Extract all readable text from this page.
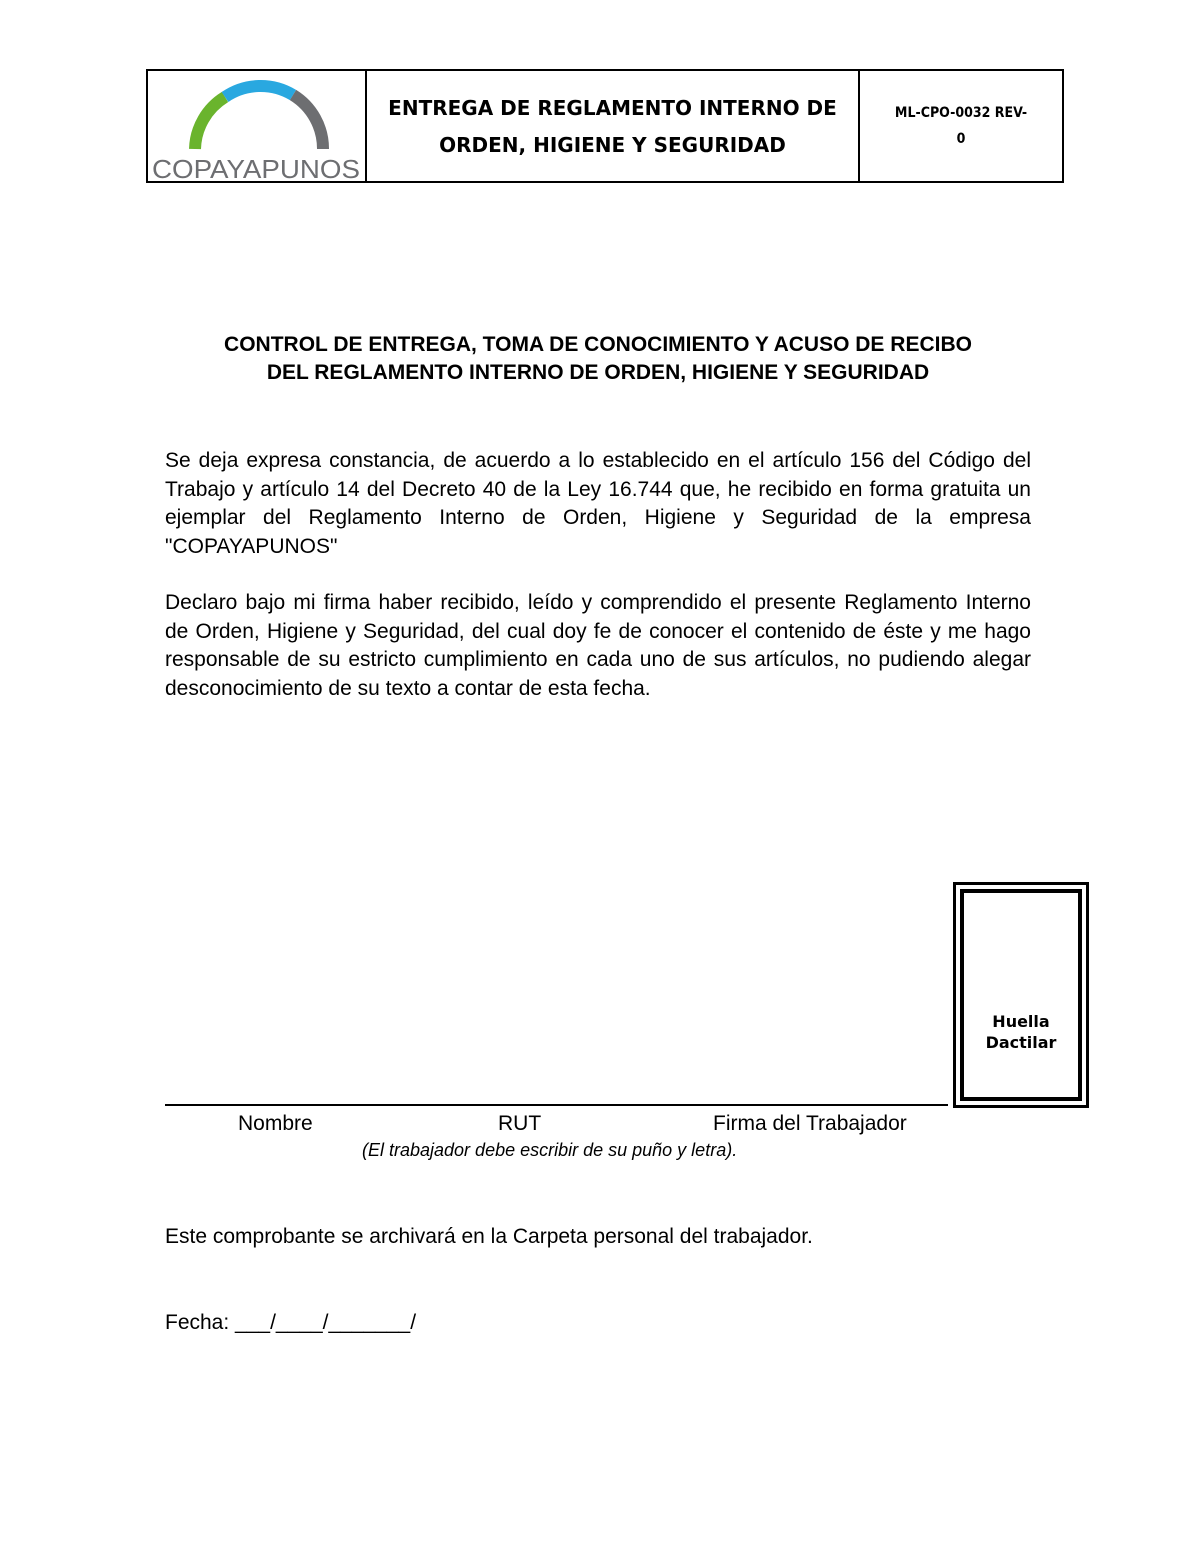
COPAYAPUNOS
ENTREGA DE REGLAMENTO INTERNO DE
ORDEN, HIGIENE Y SEGURIDAD
ML-CPO-0032 REV-
0
CONTROL DE ENTREGA, TOMA DE CONOCIMIENTO Y ACUSO DE RECIBO
DEL REGLAMENTO INTERNO DE ORDEN, HIGIENE Y SEGURIDAD
Se deja expresa constancia, de acuerdo a lo establecido en el artículo 156 del Código del Trabajo y artículo 14 del Decreto 40 de la Ley 16.744 que, he recibido en forma gratuita un ejemplar del Reglamento Interno de Orden, Higiene y Seguridad de la empresa "COPAYAPUNOS"
Declaro bajo mi firma haber recibido, leído y comprendido el presente Reglamento Interno de Orden, Higiene y Seguridad, del cual doy fe de conocer el contenido de éste y me hago responsable de su estricto cumplimiento en cada uno de sus artículos, no pudiendo alegar desconocimiento de su texto a contar de esta fecha.
Huella
Dactilar
Nombre	RUT	Firma del Trabajador
(El trabajador debe escribir de su puño y letra).
Este comprobante se archivará en la Carpeta personal del trabajador.
Fecha: ___/____/_______/
